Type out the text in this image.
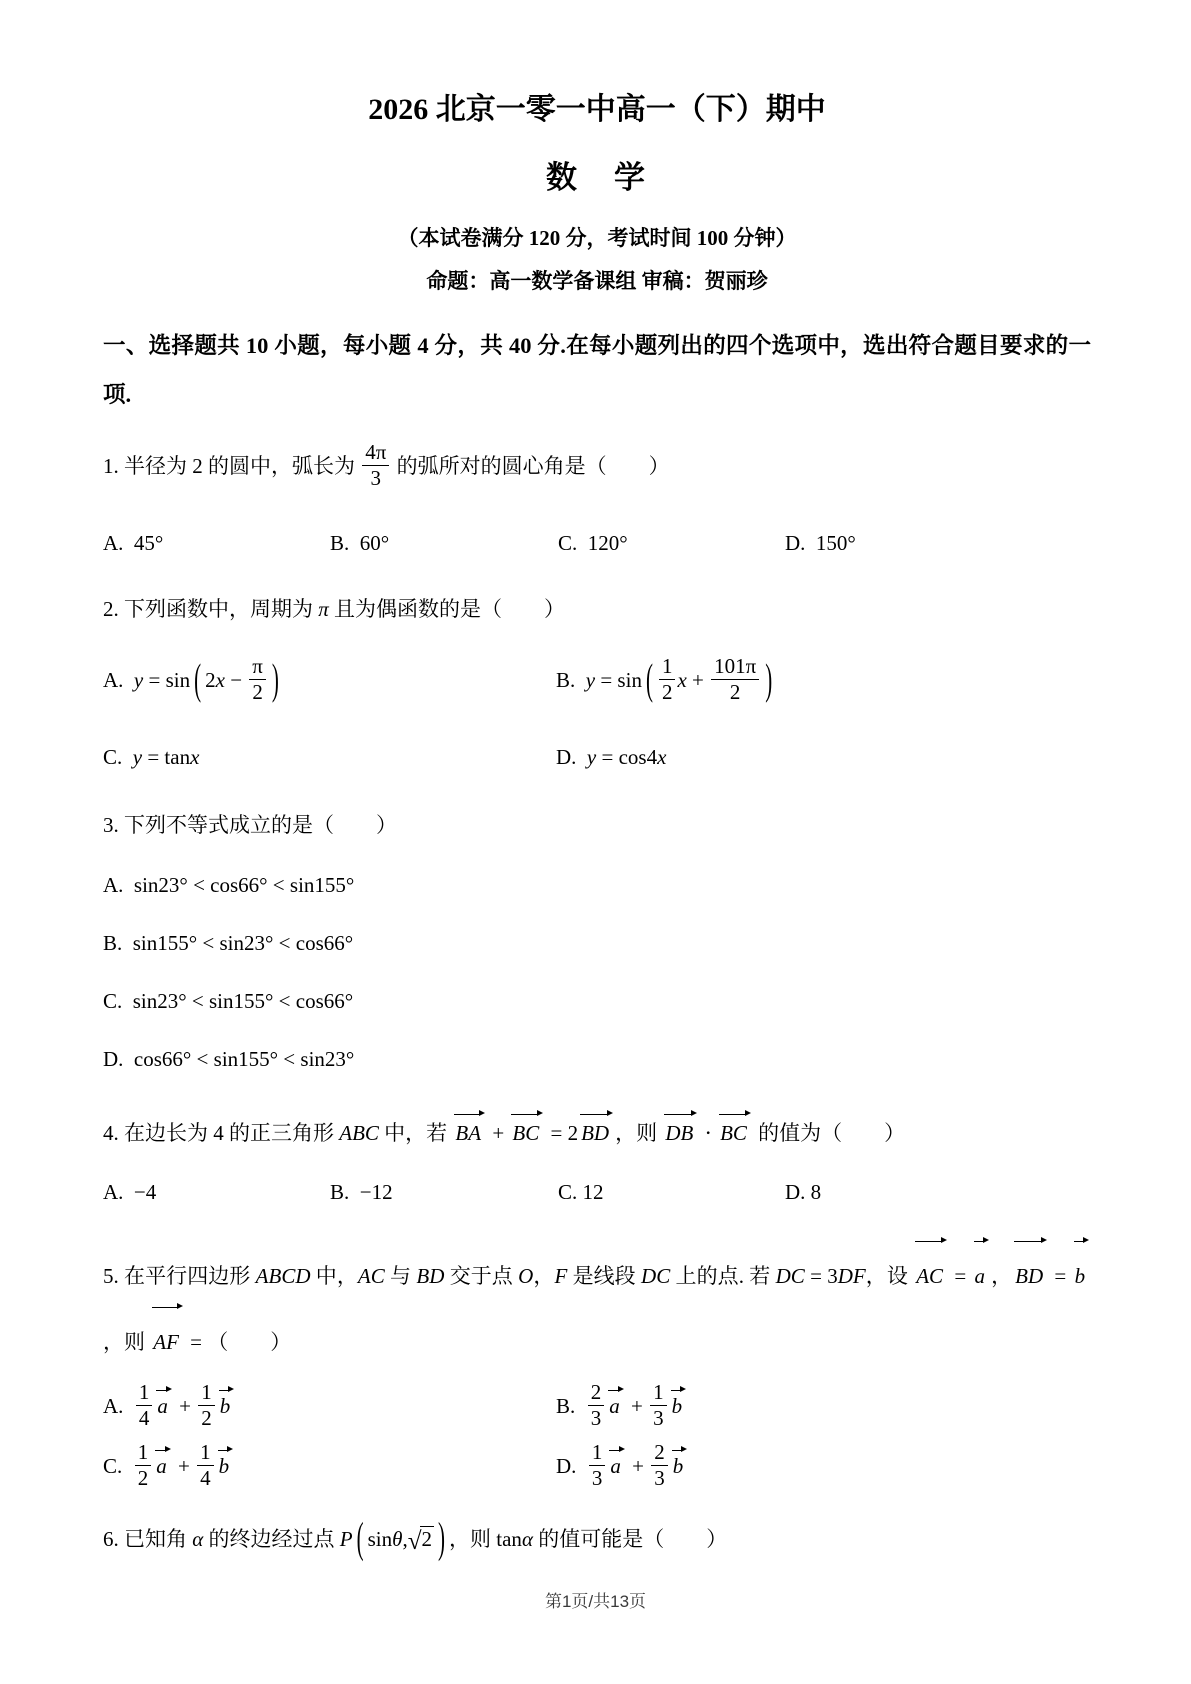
2026 北京一零一中高一（下）期中
数　学
（本试卷满分 120 分，考试时间 100 分钟）
命题：高一数学备课组 审稿：贺丽珍
一、选择题共 10 小题，每小题 4 分，共 40 分.在每小题列出的四个选项中，选出符合题目要求的一项.
1. 半径为 2 的圆中，弧长为 $\frac{4\pi}{3}$ 的弧所对的圆心角是（　　）
A.  45°	B.  60°	C.  120°	D.  150°
2. 下列函数中，周期为 π 且为偶函数的是（　　）
A.  y = sin ( $2x - \frac{\pi}{2}$ )	B.  y = sin ( $\frac{1}{2}$ $x + \frac{101\pi}{2}$ )
C.  y = tanx	D.  y = cos4x
3. 下列不等式成立的是（　　）
A.  sin23° < cos66° < sin155°
B.  sin155° < sin23° < cos66°
C.  sin23° < sin155° < cos66°
D.  cos66° < sin155° < sin23°
4. 在边长为 4 的正三角形 ABC 中，若 BA + BC = 2 BD ，则 DB ⋅ BC 的值为（　　）
A.  −4	B.  −12	C. 12	D. 8
5. 在平行四边形 ABCD 中，AC 与 BD 交于点 O，F 是线段 DC 上的点. 若 DC = 3DF，设 AC = a ， BD = b，则 AF = （　　）
A. $\frac{1}{4}$ $a + \frac{1}{2}$ b	B. $\frac{2}{3}$ $a + \frac{1}{3}$ b
C. $\frac{1}{2}$ $a + \frac{1}{4}$ b	D. $\frac{1}{3}$ $a + \frac{2}{3}$ b
6. 已知角 α 的终边经过点 P ( sinθ,√2 ) ，则 tanα 的值可能是（　　）
第1页/共13页
